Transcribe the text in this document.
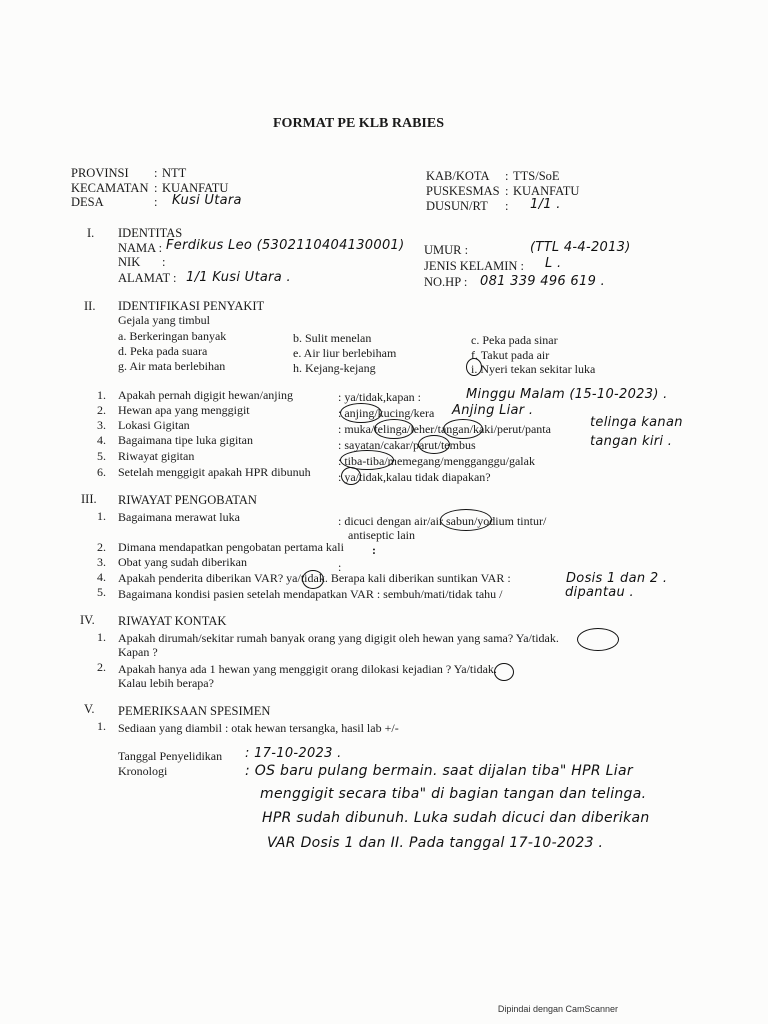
FORMAT PE KLB RABIES
PROVINSI : NTT
KECAMATAN : KUANFATU
DESA	: Kusi Utara
KAB/KOTA : TTS/SoE
PUSKESMAS : KUANFATU
DUSUN/RT : 1/1 .
I. IDENTITAS
NAMA : Ferdikus Leo (5302110404130001) UMUR :	(TTL 4-4-2013)
NIK :	JENIS KELAMIN : L .
ALAMAT : 1/1 Kusi Utara .	NO.HP : 081 339 496 619 .
II. IDENTIFIKASI PENYAKIT
Gejala yang timbul
a. Berkeringan banyak	b. Sulit menelan	c. Peka pada sinar
d. Peka pada suara	e. Air liur berlebiham	f. Takut pada air
g. Air mata berlebihan	h. Kejang-kejang	i. Nyeri tekan sekitar luka
1. Apakah pernah digigit hewan/anjing	: ya/tidak,kapan :	Minggu Malam (15-10-2023) .
2. Hewan apa yang menggigit	: anjing/kucing/kera Anjing Liar .
3. Lokasi Gigitan	: muka/telinga/leher/tangan/kaki/perut/panta	telinga kanan
4. Bagaimana tipe luka gigitan	: sayatan/cakar/parut/tembus	tangan kiri .
5. Riwayat gigitan	: tiba-tiba/memegang/mengganggu/galak
6. Setelah menggigit apakah HPR dibunuh : ya/tidak,kalau tidak diapakan?
III. RIWAYAT PENGOBATAN
1. Bagaimana merawat luka	: dicuci dengan air/air sabun/yodium tintur/
antiseptic lain
2. Dimana mendapatkan pengobatan pertama kali :
3. Obat yang sudah diberikan	:
4. Apakah penderita diberikan VAR? ya/tidak. Berapa kali diberikan suntikan VAR :	Dosis 1 dan 2 .
5. Bagaimana kondisi pasien setelah mendapatkan VAR : sembuh/mati/tidak tahu /	dipantau .
IV. RIWAYAT KONTAK
1. Apakah dirumah/sekitar rumah banyak orang yang digigit oleh hewan yang sama? Ya/tidak.
Kapan ?
2. Apakah hanya ada 1 hewan yang menggigit orang dilokasi kejadian ? Ya/tidak.
Kalau lebih berapa?
V. PEMERIKSAAN SPESIMEN
1. Sediaan yang diambil : otak hewan tersangka, hasil lab +/-
Tanggal Penyelidikan : 17-10-2023 .
Kronologi	: OS baru pulang bermain. saat dijalan tiba" HPR Liar
menggigit secara tiba" di bagian tangan dan telinga.
HPR sudah dibunuh. Luka sudah dicuci dan diberikan
VAR Dosis 1 dan II. Pada tanggal 17-10-2023 .
Dipindai dengan CamScanner
